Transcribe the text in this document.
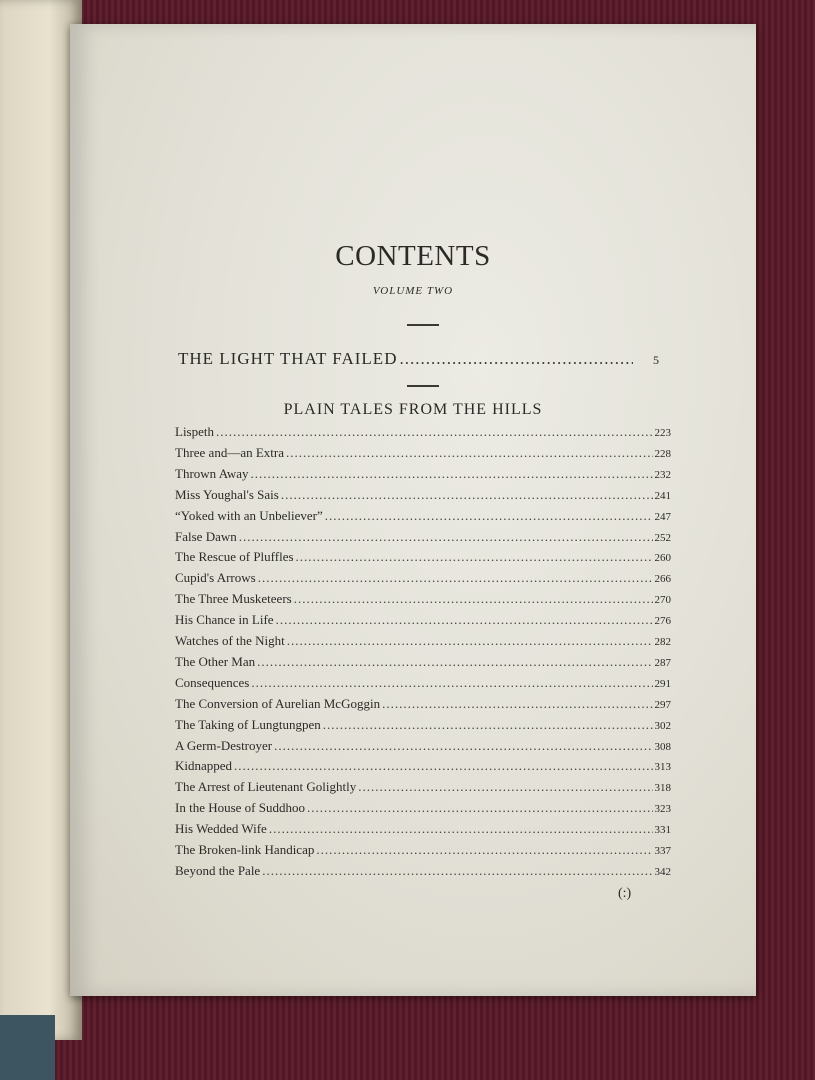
CONTENTS
VOLUME TWO
THE LIGHT THAT FAILED .....	5
PLAIN TALES FROM THE HILLS
Lispeth .....	223
Three and—an Extra .....	228
Thrown Away .....	232
Miss Youghal's Sais .....	241
“Yoked with an Unbeliever” .....	247
False Dawn .....	252
The Rescue of Pluffles .....	260
Cupid's Arrows .....	266
The Three Musketeers .....	270
His Chance in Life .....	276
Watches of the Night .....	282
The Other Man .....	287
Consequences .....	291
The Conversion of Aurelian McGoggin .....	297
The Taking of Lungtungpen .....	302
A Germ-Destroyer .....	308
Kidnapped .....	313
The Arrest of Lieutenant Golightly .....	318
In the House of Suddhoo .....	323
His Wedded Wife .....	331
The Broken-link Handicap .....	337
Beyond the Pale .....	342
(:)
